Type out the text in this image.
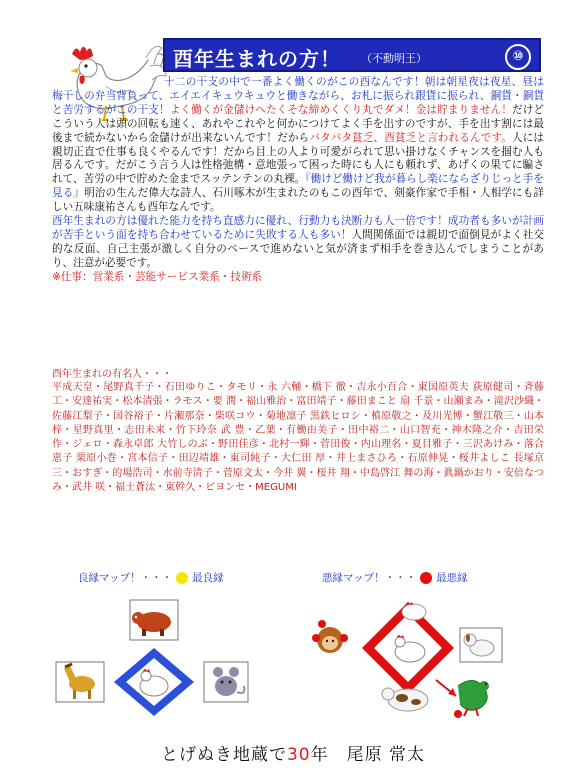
酉年生まれの方！ （不動明王）	⑩

十二の干支の中で一番よく働くのがこの酉なんです！朝は朝星夜は夜星、昼は梅干しの弁当背負って、エイエイキュウキュウと働きながら、お札に振られ銀貨に振られ、銅貨・銅貨と苦労するがこの干支！よく働くが金儲けへたくそな締めくくり丸でダメ！金は貯まりません！だけどこういう人は頭の回転も速く、あれやこれやと何かにつけてよく手を出すのですが、手を出す割には最後まで続かないから金儲けが出来ないんです！だからバタバタ貧乏、酉貧乏と言われるんです。人には親切正直で仕事も良くやるんです！だから目上の人より可愛がられて思い掛けなくチャンスを掴む人も居るんです。だがこう言う人は性格弛構・意地張って困った時にも人にも頼れず、あげくの果てに騙されて、苦労の中で貯めた金までスッテンテンの丸裸。『働けど働けど我が暮らし楽にならざりじっと手を見る』明治の生んだ偉大な詩人、石川啄木が生まれたのもこの酉年で、剣豪作家で手相・人相学にも詳しい五味康祐さんも酉年なんです。

酉年生まれの方は優れた能力を持ち直感力に優れ、行動力も決断力も人一倍です！成功者も多いが計画が苦手という面を持ち合わせているために失敗する人も多い！人間関係面では親切で面倒見がよく社交的な反面、自己主張が激しく自分のペースで進めないと気が済まず相手を巻き込んでしまうことがあり、注意が必要です。

※仕事：営業系・芸能サービス業系・技術系

酉年生まれの有名人・・・
平成天皇・尾野真千子・石田ゆりこ・タモリ・永 六輔・橋下 徹・吉永小百合・東国原英夫 荻原健司・斉藤 工・安達祐実・松本清張・ラモス・要 潤・福山雅治・富田靖子・藤田まこと 扇 千景・山瀬まみ・滝沢沙織・佐藤江梨子・国谷裕子・片瀬那奈・柴咲コウ・菊地凛子 黒鉄ヒロシ・槙原敬之・及川光博・蟹江敬三・山本 梓・星野真里・志田未来・竹下玲奈 武 豊・乙葉・有働由美子・田中裕二・山口智充・神木隆之介・吉田栄作・ジェロ・森永卓郎 大竹しのぶ・野田佳彦・北村一輝・菅田俊・内山理名・夏目雅子・三沢あけみ・落合恵子 栗原小巻・宮本信子・田辺靖雄・東司純子・大仁田 厚・井上まさひろ・石原伸晃・桜井よしこ 長塚京三・おすぎ・的場浩司・水前寺清子・菅原文太・今井 翼・桜井 翔・中島啓江 舞の海・眞鍋かおり・安倍なつみ・武井 咲・福士蒼汰・東幹久・ピヨンセ・MEGUMI
良縁マップ！・・・ 最良縁	悪縁マップ！・・・ 最悪縁
とげぬき地蔵で30年　尾原 常太
